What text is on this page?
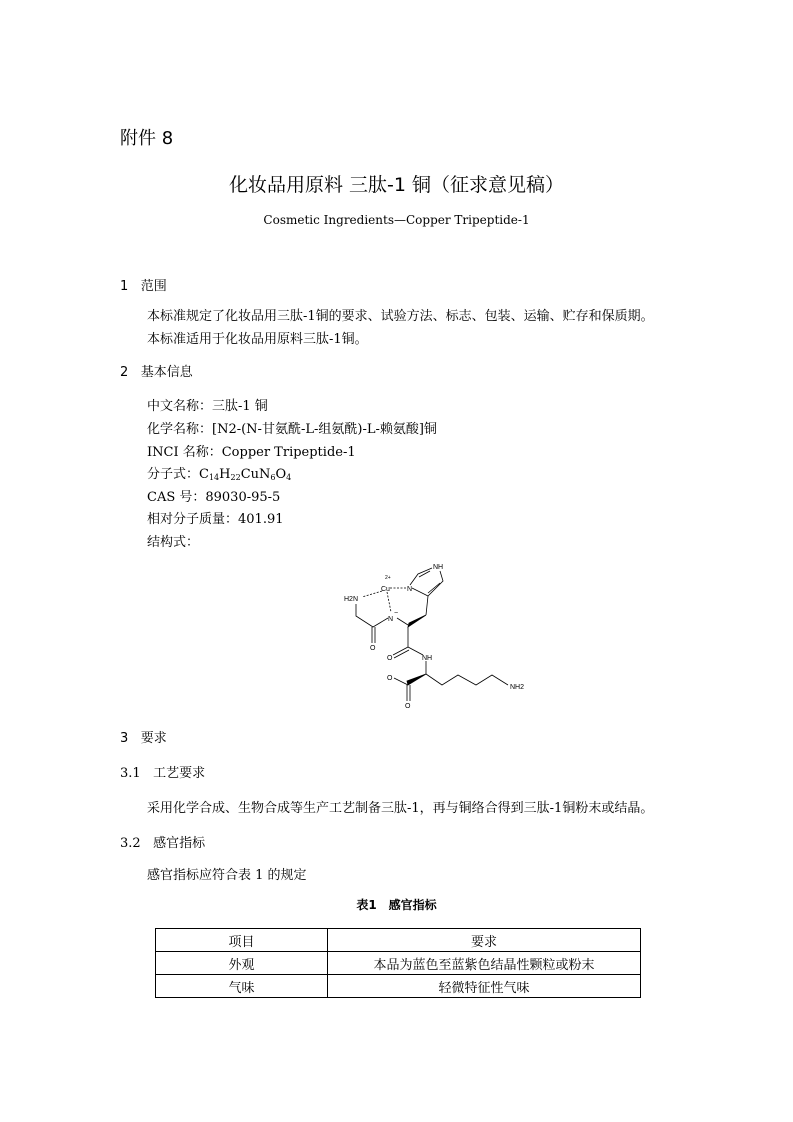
附件 8
化妆品用原料 三肽-1 铜（征求意见稿）
Cosmetic Ingredients—Copper Tripeptide-1
1 范围
本标准规定了化妆品用三肽-1铜的要求、试验方法、标志、包装、运输、贮存和保质期。
本标准适用于化妆品用原料三肽-1铜。
2 基本信息
中文名称：三肽-1 铜
化学名称：[N2-(N-甘氨酰-L-组氨酰)-L-赖氨酸]铜
INCI 名称：Copper Tripeptide-1
分子式：$C_{14}H_{22}CuN_6O_4$
CAS 号：89030-95-5
相对分子质量：401.91
结构式：
NH
2+
Cu N
H2N
N
−
O
O	NH
O
O
NH2
3 要求
3.1 工艺要求
采用化学合成、生物合成等生产工艺制备三肽-1，再与铜络合得到三肽-1铜粉末或结晶。
3.2 感官指标
感官指标应符合表 1 的规定
表1　感官指标
项目	要求
外观	本品为蓝色至蓝紫色结晶性颗粒或粉末
气味	轻微特征性气味
